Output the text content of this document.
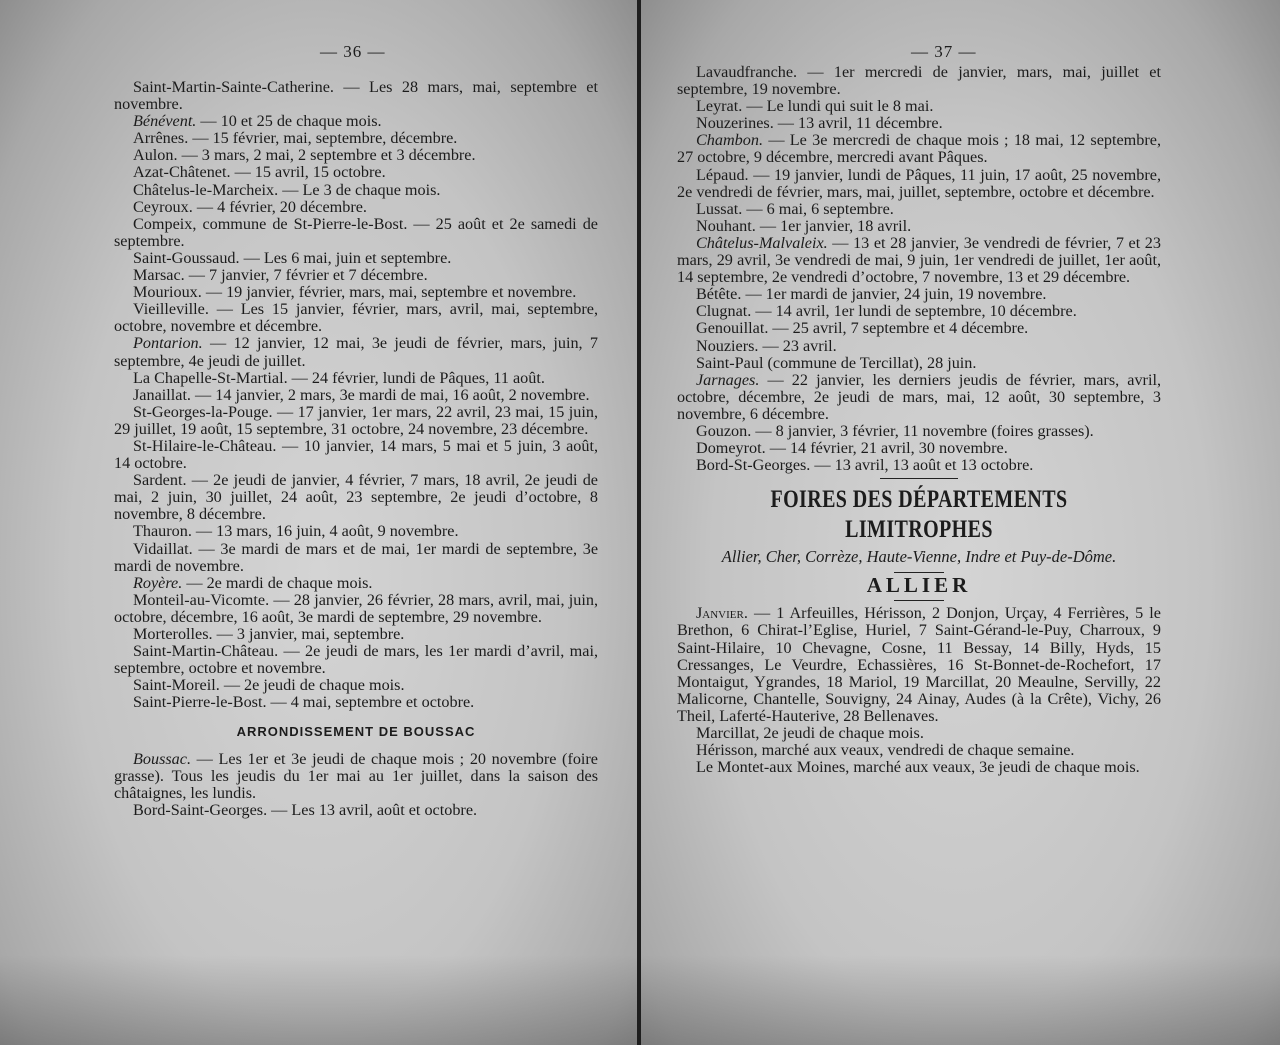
— 36 —

Saint-Martin-Sainte-Catherine. — Les 28 mars, mai, septembre et novembre.

Bénévent. — 10 et 25 de chaque mois.

Arrênes. — 15 février, mai, septembre, décembre.

Aulon. — 3 mars, 2 mai, 2 septembre et 3 décembre.

Azat-Châtenet. — 15 avril, 15 octobre.

Châtelus-le-Marcheix. — Le 3 de chaque mois.

Ceyroux. — 4 février, 20 décembre.

Compeix, commune de St-Pierre-le-Bost. — 25 août et 2e samedi de septembre.

Saint-Goussaud. — Les 6 mai, juin et septembre.

Marsac. — 7 janvier, 7 février et 7 décembre.

Mourioux. — 19 janvier, février, mars, mai, septembre et novembre.

Vieilleville. — Les 15 janvier, février, mars, avril, mai, septembre, octobre, novembre et décembre.

Pontarion. — 12 janvier, 12 mai, 3e jeudi de février, mars, juin, 7 septembre, 4e jeudi de juillet.

La Chapelle-St-Martial. — 24 février, lundi de Pâques, 11 août.

Janaillat. — 14 janvier, 2 mars, 3e mardi de mai, 16 août, 2 novembre.

St-Georges-la-Pouge. — 17 janvier, 1er mars, 22 avril, 23 mai, 15 juin, 29 juillet, 19 août, 15 septembre, 31 octobre, 24 novembre, 23 décembre.

St-Hilaire-le-Château. — 10 janvier, 14 mars, 5 mai et 5 juin, 3 août, 14 octobre.

Sardent. — 2e jeudi de janvier, 4 février, 7 mars, 18 avril, 2e jeudi de mai, 2 juin, 30 juillet, 24 août, 23 septembre, 2e jeudi d’octobre, 8 novembre, 8 décembre.

Thauron. — 13 mars, 16 juin, 4 août, 9 novembre.

Vidaillat. — 3e mardi de mars et de mai, 1er mardi de septembre, 3e mardi de novembre.

Royère. — 2e mardi de chaque mois.

Monteil-au-Vicomte. — 28 janvier, 26 février, 28 mars, avril, mai, juin, octobre, décembre, 16 août, 3e mardi de septembre, 29 novembre.

Morterolles. — 3 janvier, mai, septembre.

Saint-Martin-Château. — 2e jeudi de mars, les 1er mardi d’avril, mai, septembre, octobre et novembre.

Saint-Moreil. — 2e jeudi de chaque mois.

Saint-Pierre-le-Bost. — 4 mai, septembre et octobre.

ARRONDISSEMENT DE BOUSSAC

Boussac. — Les 1er et 3e jeudi de chaque mois ; 20 novembre (foire grasse). Tous les jeudis du 1er mai au 1er juillet, dans la saison des châtaignes, les lundis.

Bord-Saint-Georges. — Les 13 avril, août et octobre.

— 37 —

Lavaudfranche. — 1er mercredi de janvier, mars, mai, juillet et septembre, 19 novembre.

Leyrat. — Le lundi qui suit le 8 mai.

Nouzerines. — 13 avril, 11 décembre.

Chambon. — Le 3e mercredi de chaque mois ; 18 mai, 12 septembre, 27 octobre, 9 décembre, mercredi avant Pâques.

Lépaud. — 19 janvier, lundi de Pâques, 11 juin, 17 août, 25 novembre, 2e vendredi de février, mars, mai, juillet, septembre, octobre et décembre.

Lussat. — 6 mai, 6 septembre.

Nouhant. — 1er janvier, 18 avril.

Châtelus-Malvaleix. — 13 et 28 janvier, 3e vendredi de février, 7 et 23 mars, 29 avril, 3e vendredi de mai, 9 juin, 1er vendredi de juillet, 1er août, 14 septembre, 2e vendredi d’octobre, 7 novembre, 13 et 29 décembre.

Bétête. — 1er mardi de janvier, 24 juin, 19 novembre.

Clugnat. — 14 avril, 1er lundi de septembre, 10 décembre.

Genouillat. — 25 avril, 7 septembre et 4 décembre.

Nouziers. — 23 avril.

Saint-Paul (commune de Tercillat), 28 juin.

Jarnages. — 22 janvier, les derniers jeudis de février, mars, avril, octobre, décembre, 2e jeudi de mars, mai, 12 août, 30 septembre, 3 novembre, 6 décembre.

Gouzon. — 8 janvier, 3 février, 11 novembre (foires grasses).

Domeyrot. — 14 février, 21 avril, 30 novembre.

Bord-St-Georges. — 13 avril, 13 août et 13 octobre.

FOIRES DES DÉPARTEMENTS LIMITROPHES
Allier, Cher, Corrèze, Haute-Vienne, Indre et Puy-de-Dôme.
ALLIER

Janvier. — 1 Arfeuilles, Hérisson, 2 Donjon, Urçay, 4 Ferrières, 5 le Brethon, 6 Chirat-l’Eglise, Huriel, 7 Saint-Gérand-le-Puy, Charroux, 9 Saint-Hilaire, 10 Chevagne, Cosne, 11 Bessay, 14 Billy, Hyds, 15 Cressanges, Le Veurdre, Echassières, 16 St-Bonnet-de-Rochefort, 17 Montaigut, Ygrandes, 18 Mariol, 19 Marcillat, 20 Meaulne, Servilly, 22 Malicorne, Chantelle, Souvigny, 24 Ainay, Audes (à la Crête), Vichy, 26 Theil, Laferté-Hauterive, 28 Bellenaves.

Marcillat, 2e jeudi de chaque mois.

Hérisson, marché aux veaux, vendredi de chaque semaine.

Le Montet-aux Moines, marché aux veaux, 3e jeudi de chaque mois.
